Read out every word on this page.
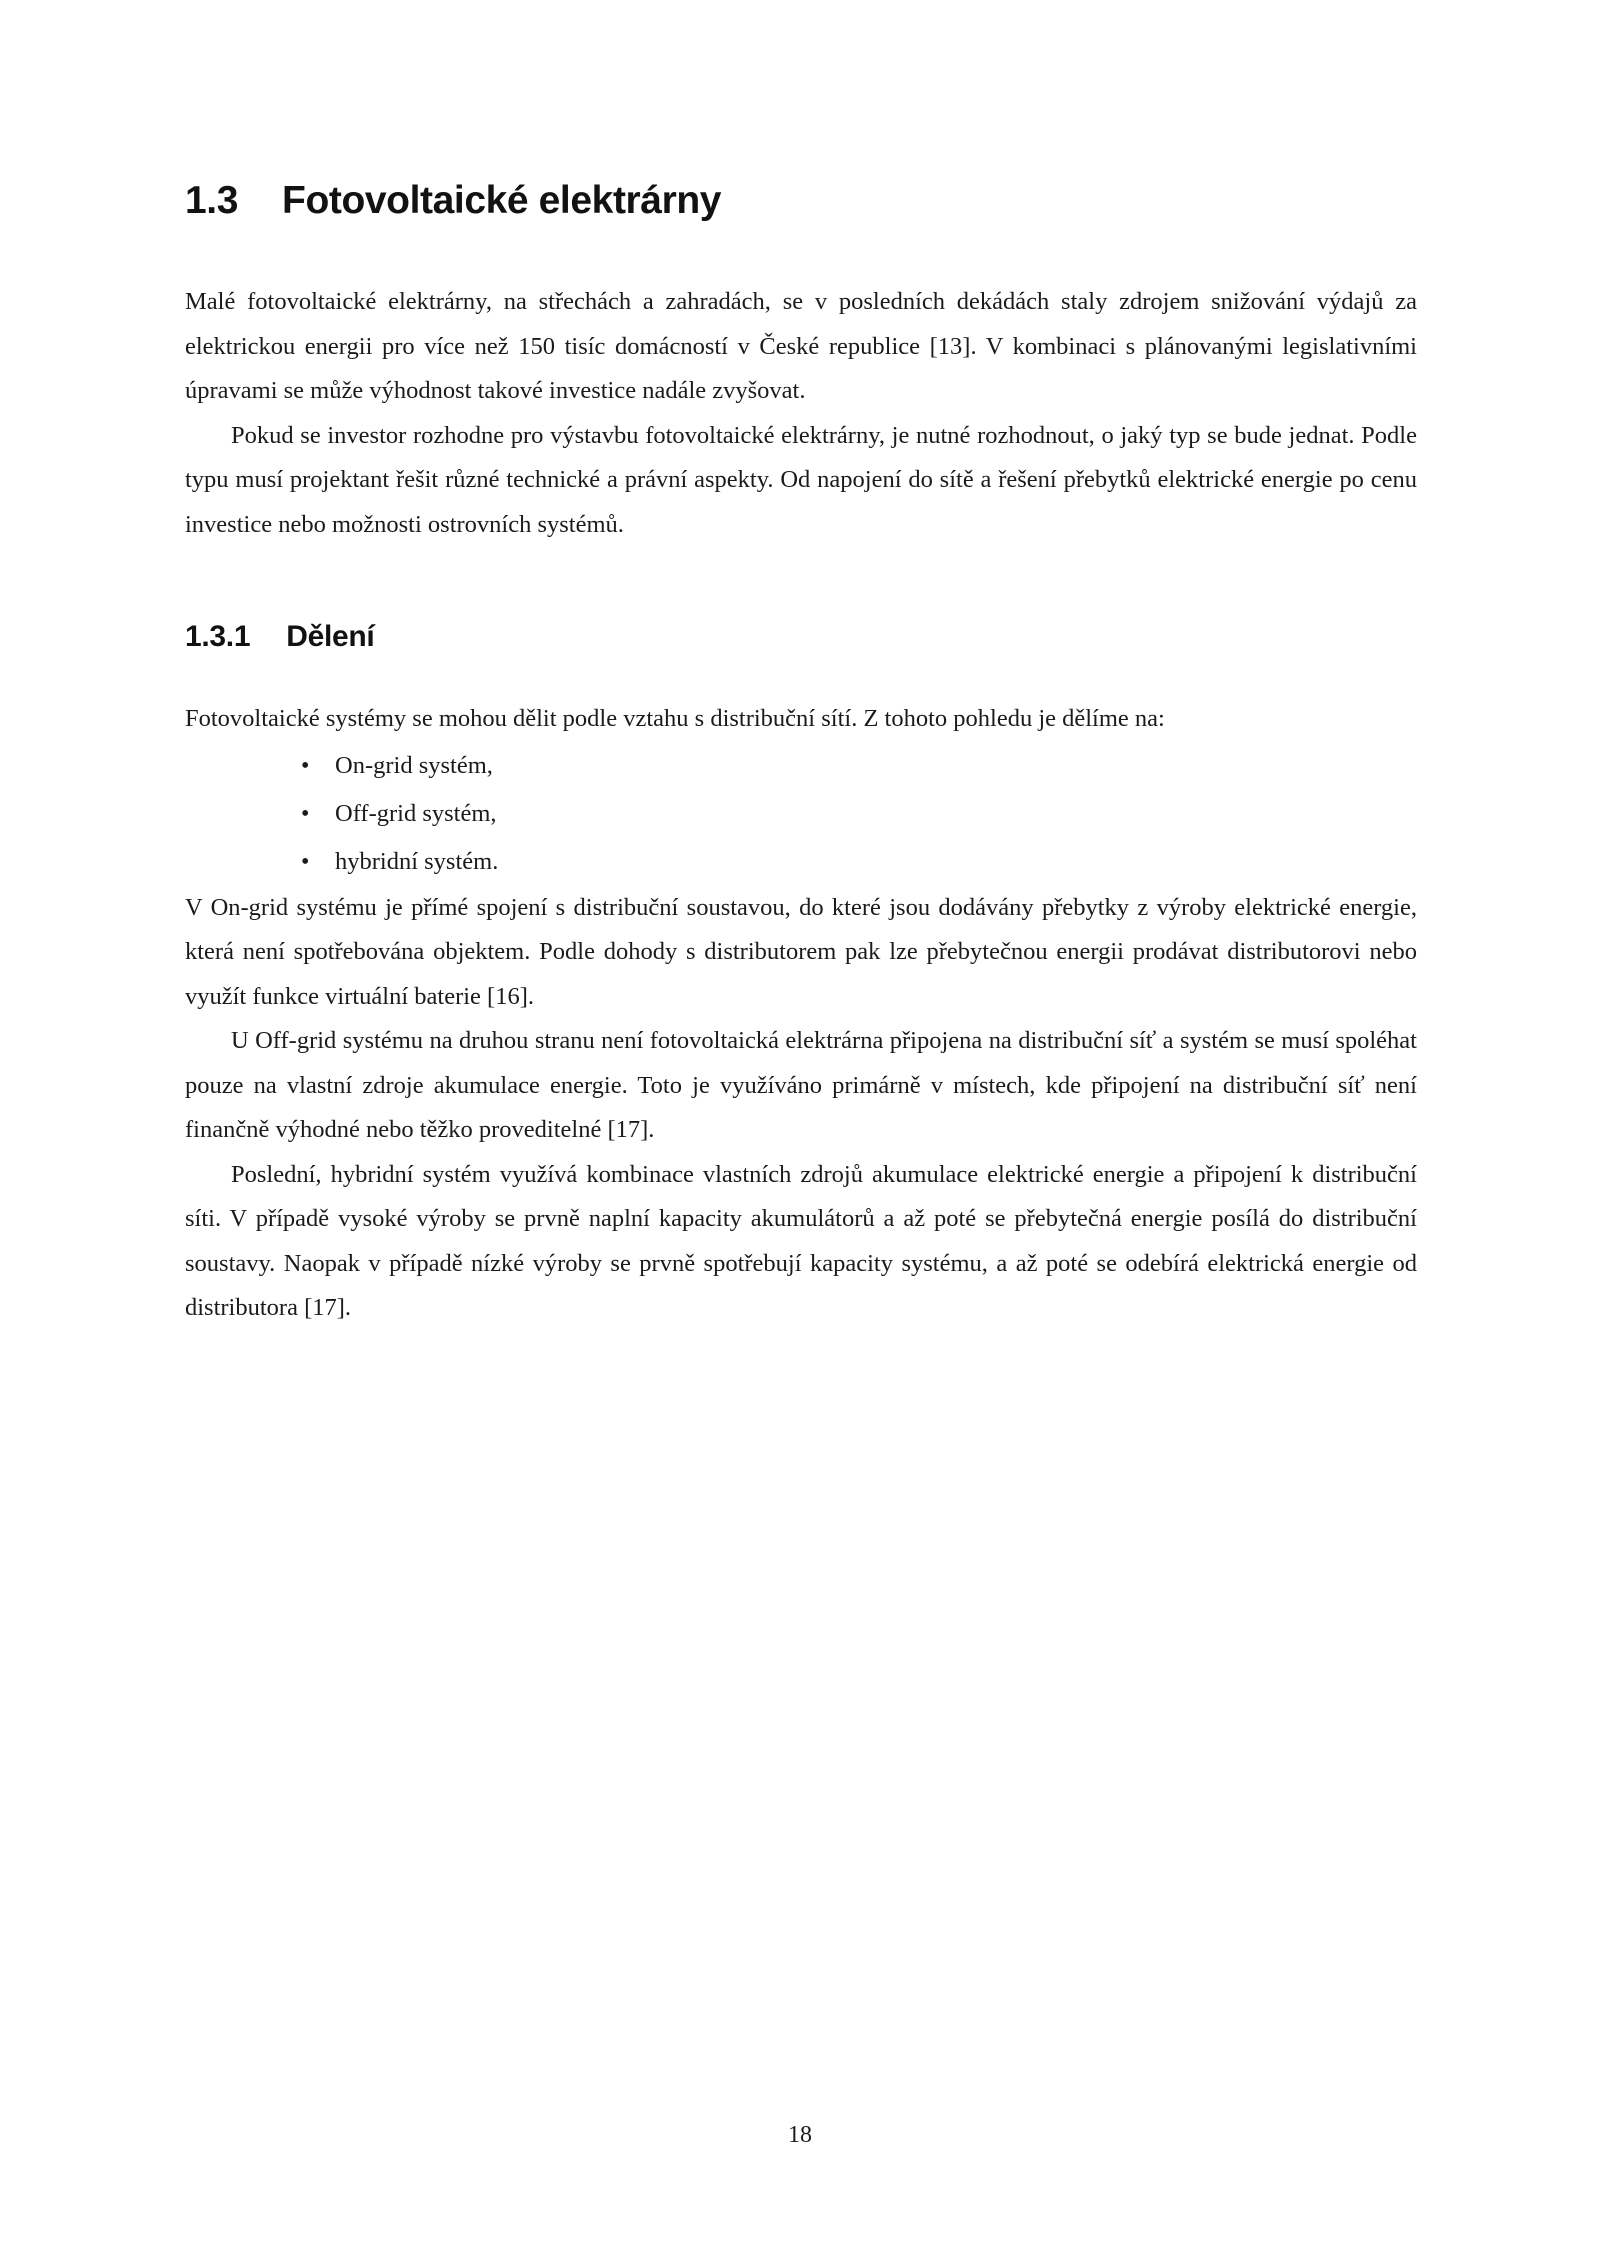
1.3 Fotovoltaické elektrárny

Malé fotovoltaické elektrárny, na střechách a zahradách, se v posledních dekádách staly zdrojem snižování výdajů za elektrickou energii pro více než 150 tisíc domácností v České republice [13]. V kombinaci s plánovanými legislativními úpravami se může výhodnost takové investice nadále zvyšovat.

Pokud se investor rozhodne pro výstavbu fotovoltaické elektrárny, je nutné rozhodnout, o jaký typ se bude jednat. Podle typu musí projektant řešit různé technické a právní aspekty. Od napojení do sítě a řešení přebytků elektrické energie po cenu investice nebo možnosti ostrovních systémů.

1.3.1 Dělení

Fotovoltaické systémy se mohou dělit podle vztahu s distribuční sítí. Z tohoto pohledu je dělíme na:

• On-grid systém,
• Off-grid systém,
• hybridní systém.

V On-grid systému je přímé spojení s distribuční soustavou, do které jsou dodávány přebytky z výroby elektrické energie, která není spotřebována objektem. Podle dohody s distributorem pak lze přebytečnou energii prodávat distributorovi nebo využít funkce virtuální baterie [16].

U Off-grid systému na druhou stranu není fotovoltaická elektrárna připojena na distribuční síť a systém se musí spoléhat pouze na vlastní zdroje akumulace energie. Toto je využíváno primárně v místech, kde připojení na distribuční síť není finančně výhodné nebo těžko proveditelné [17].

Poslední, hybridní systém využívá kombinace vlastních zdrojů akumulace elektrické energie a připojení k distribuční síti. V případě vysoké výroby se prvně naplní kapacity akumulátorů a až poté se přebytečná energie posílá do distribuční soustavy. Naopak v případě nízké výroby se prvně spotřebují kapacity systému, a až poté se odebírá elektrická energie od distributora [17].

18
